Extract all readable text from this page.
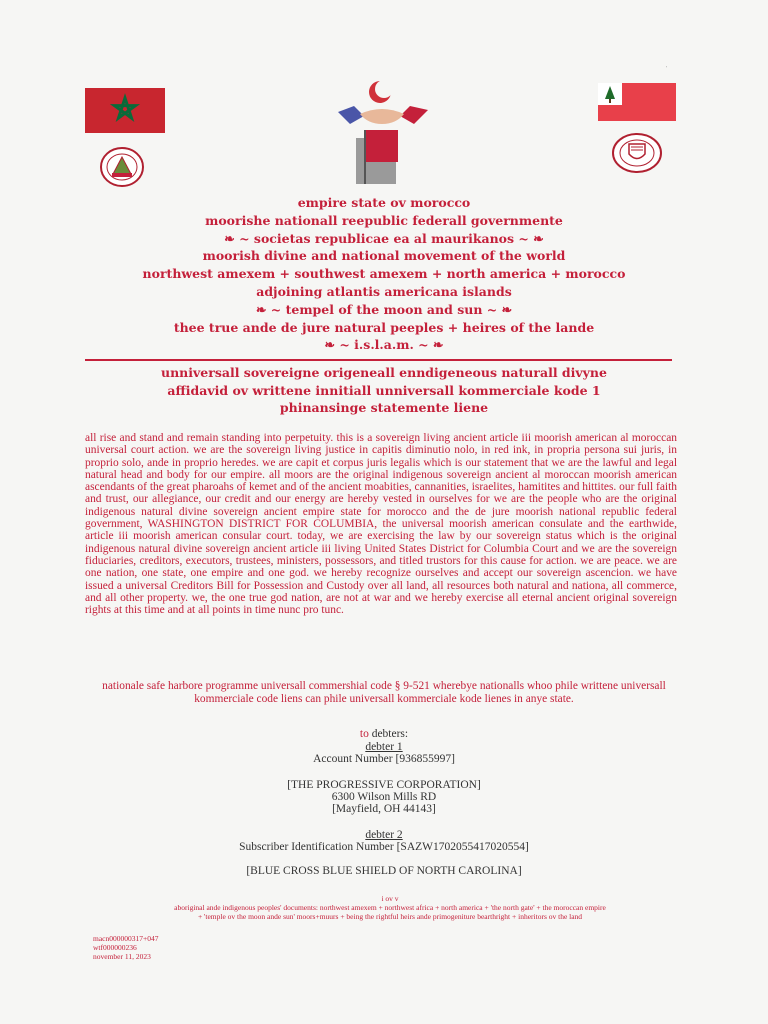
'
empire state ov morocco
moorishe nationall reepublic federall governmente
❧ ~ societas republicae ea al maurikanos ~ ❧
moorish divine and national movement of the world
northwest amexem + southwest amexem + north america + morocco
adjoining atlantis americana islands
❧ ~ tempel of the moon and sun ~ ❧
thee true ande de jure natural peeples + heires of the lande
❧ ~ i.s.l.a.m. ~ ❧
unniversall sovereigne origeneall enndigeneous naturall divyne
affidavid ov writtene innitiall unniversall kommerciale kode 1
phinansinge statemente liene
all rise and stand and remain standing into perpetuity. this is a sovereign living ancient article iii moorish american al moroccan universal court action. we are the sovereign living justice in capitis diminutio nolo, in red ink, in propria persona sui juris, in proprio solo, ande in proprio heredes. we are capit et corpus juris legalis which is our statement that we are the lawful and legal natural head and body for our empire. all moors are the original indigenous sovereign ancient al moroccan moorish american ascendants of the great pharoahs of kemet and of the ancient moabities, cannanities, israelites, hamitites and hittites. our full faith and trust, our allegiance, our credit and our energy are hereby vested in ourselves for we are the people who are the original indigenous natural divine sovereign ancient empire state for morocco and the de jure moorish national republic federal government, WASHINGTON DISTRICT FOR COLUMBIA, the universal moorish american consulate and the earthwide, article iii moorish american consular court. today, we are exercising the law by our sovereign status which is the original indigenous natural divine sovereign ancient article iii living United States District for Columbia Court and we are the sovereign fiduciaries, creditors, executors, trustees, ministers, possessors, and titled trustors for this cause for action. we are peace. we are one nation, one state, one empire and one god. we hereby recognize ourselves and accept our sovereign ascencion. we have issued a universal Creditors Bill for Possession and Custody over all land, all resources both natural and nationa, all commerce, and all other property. we, the one true god nation, are not at war and we hereby exercise all eternal ancient original sovereign rights at this time and at all points in time nunc pro tunc.
nationale safe harbore programme universall commershial code § 9-521 wherebye nationalls whoo phile writtene universall kommerciale code liens can phile universall kommerciale kode lienes in anye state.
to debters:
debter 1
Account Number [936855997]
[THE PROGRESSIVE CORPORATION]
6300 Wilson Mills RD
[Mayfield, OH 44143]
debter 2
Subscriber Identification Number [SAZW1702055417020554]
[BLUE CROSS BLUE SHIELD OF NORTH CAROLINA]
i ov v
aboriginal ande indigenous peoples' documents: northwest amexem + northwest africa + north america + 'the north gate' + the moroccan empire
+ 'temple ov the moon ande sun' moors+muurs + being the rightful heirs ande primogeniture bearthright + inheritors ov the land
macn000000317+047
wtf000000236
november 11, 2023
